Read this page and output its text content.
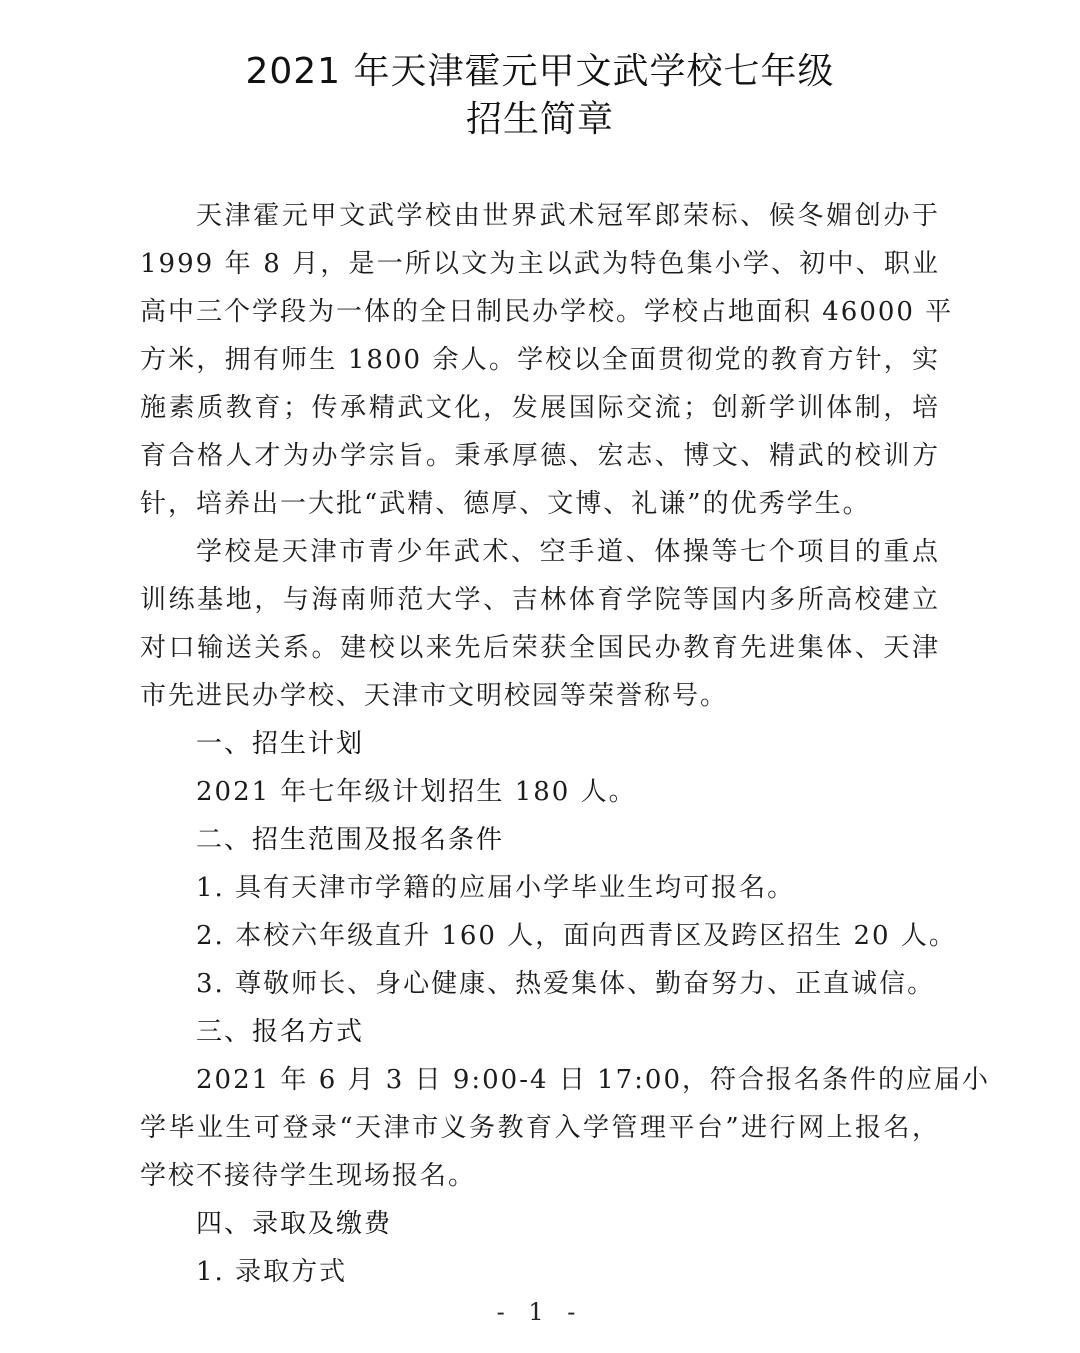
2021 年天津霍元甲文武学校七年级
招生简章
天津霍元甲文武学校由世界武术冠军郎荣标、候冬媚创办于
1999 年 8 月，是一所以文为主以武为特色集小学、初中、职业
高中三个学段为一体的全日制民办学校。学校占地面积 46000 平
方米，拥有师生 1800 余人。学校以全面贯彻党的教育方针，实
施素质教育；传承精武文化，发展国际交流；创新学训体制，培
育合格人才为办学宗旨。秉承厚德、宏志、博文、精武的校训方
针，培养出一大批“武精、德厚、文博、礼谦”的优秀学生。
学校是天津市青少年武术、空手道、体操等七个项目的重点
训练基地，与海南师范大学、吉林体育学院等国内多所高校建立
对口输送关系。建校以来先后荣获全国民办教育先进集体、天津
市先进民办学校、天津市文明校园等荣誉称号。
一、招生计划
2021 年七年级计划招生 180 人。
二、招生范围及报名条件
1. 具有天津市学籍的应届小学毕业生均可报名。
2. 本校六年级直升 160 人，面向西青区及跨区招生 20 人。
3. 尊敬师长、身心健康、热爱集体、勤奋努力、正直诚信。
三、报名方式
2021 年 6 月 3 日 9:00-4 日 17:00，符合报名条件的应届小
学毕业生可登录“天津市义务教育入学管理平台”进行网上报名，
学校不接待学生现场报名。
四、录取及缴费
1. 录取方式
- 1 -
